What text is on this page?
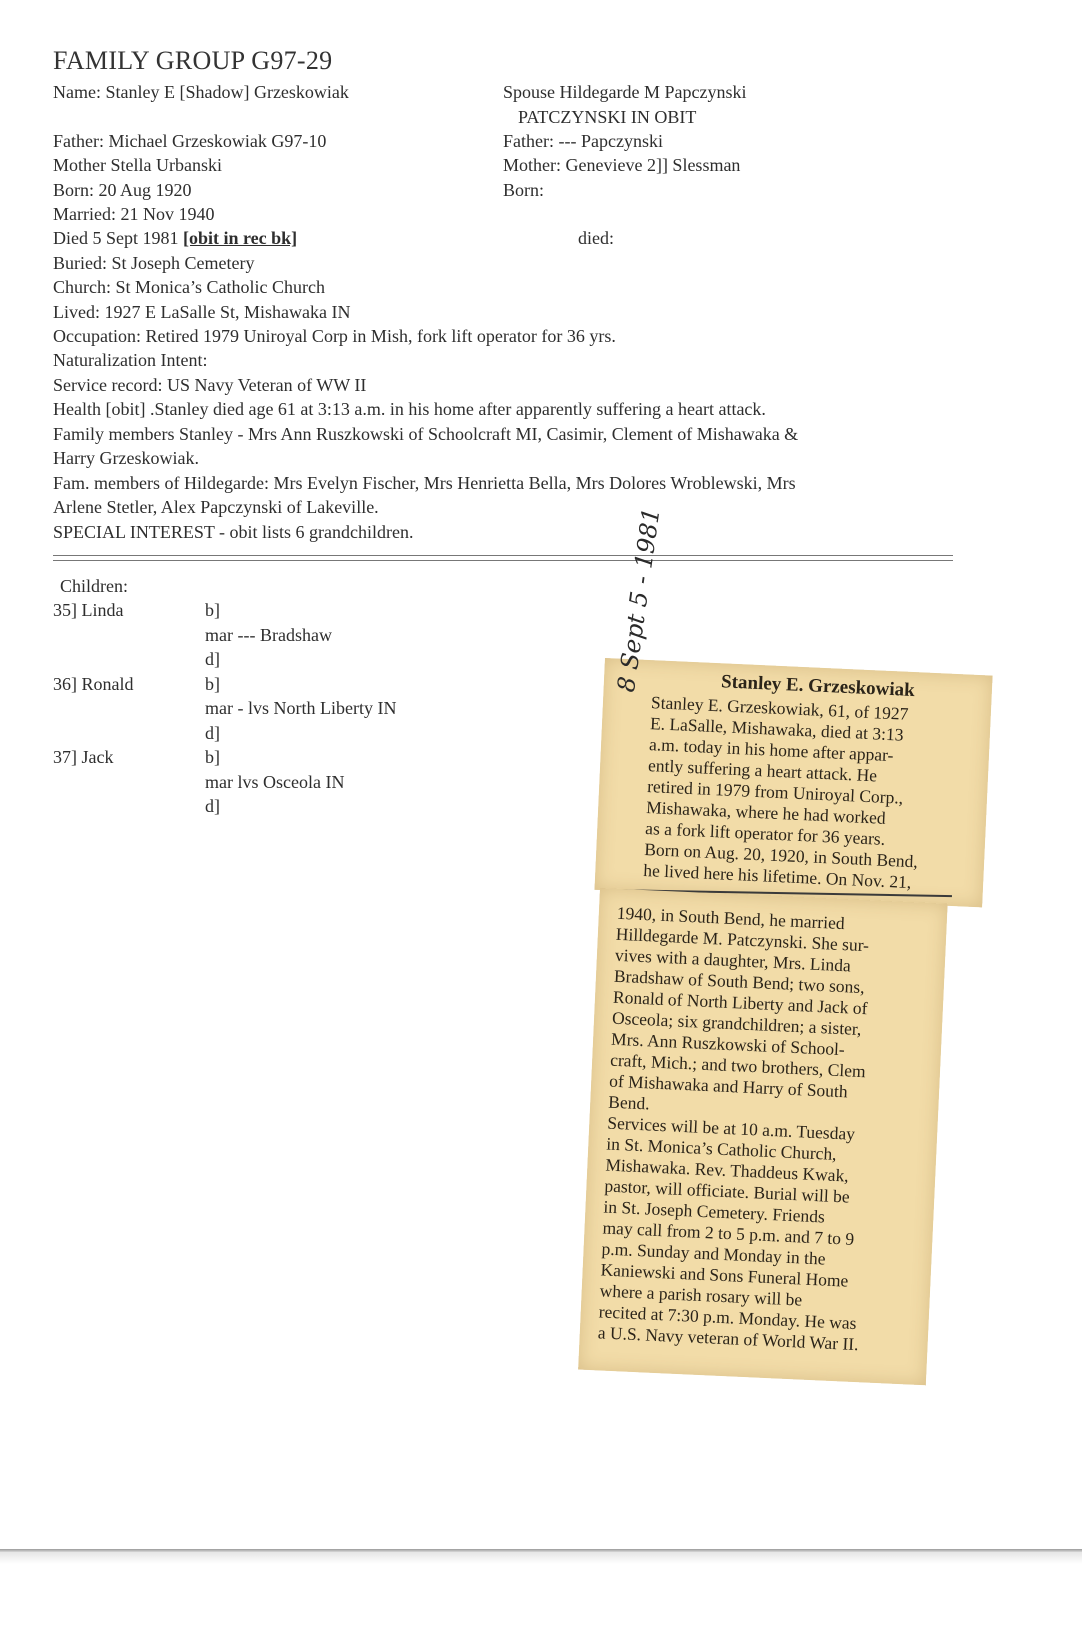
FAMILY GROUP G97-29
Name: Stanley E [Shadow] Grzeskowiak
Father: Michael Grzeskowiak G97-10
Mother Stella Urbanski
Born: 20 Aug 1920
Married: 21 Nov 1940
Died 5 Sept 1981 [obit in rec bk]
Buried: St Joseph Cemetery
Church: St Monica’s Catholic Church
Lived: 1927 E LaSalle St, Mishawaka IN
Occupation: Retired 1979 Uniroyal Corp in Mish, fork lift operator for 36 yrs.
Naturalization Intent:
Service record: US Navy Veteran of WW II
Health [obit] .Stanley died age 61 at 3:13 a.m. in his home after apparently suffering a heart attack.
Family members Stanley - Mrs Ann Ruszkowski of Schoolcraft MI, Casimir, Clement of Mishawaka &
Harry Grzeskowiak.
Fam. members of Hildegarde: Mrs Evelyn Fischer, Mrs Henrietta Bella, Mrs Dolores Wroblewski, Mrs
Arlene Stetler, Alex Papczynski of Lakeville.
SPECIAL INTEREST - obit lists 6 grandchildren.
Spouse Hildegarde M Papczynski
PATCZYNSKI IN OBIT
Father: --- Papczynski
Mother: Genevieve 2]] Slessman
Born:
died:
Children:
35] Linda	b]
mar --- Bradshaw
d]
36] Ronald	b]
mar - lvs North Liberty IN
d]
37] Jack	b]
mar lvs Osceola IN
d]
Stanley E. Grzeskowiak
Stanley E. Grzeskowiak, 61, of 1927
E. LaSalle, Mishawaka, died at 3:13
a.m. today in his home after appar-
ently suffering a heart attack. He
retired in 1979 from Uniroyal Corp.,
Mishawaka, where he had worked
as a fork lift operator for 36 years.
Born on Aug. 20, 1920, in South Bend,
he lived here his lifetime. On Nov. 21,
8 Sept 5 - 1981
1940, in South Bend, he married
Hilldegarde M. Patczynski. She sur-
vives with a daughter, Mrs. Linda
Bradshaw of South Bend; two sons,
Ronald of North Liberty and Jack of
Osceola; six grandchildren; a sister,
Mrs. Ann Ruszkowski of School-
craft, Mich.; and two brothers, Clem
of Mishawaka and Harry of South
Bend.
Services will be at 10 a.m. Tuesday
in St. Monica’s Catholic Church,
Mishawaka. Rev. Thaddeus Kwak,
pastor, will officiate. Burial will be
in St. Joseph Cemetery. Friends
may call from 2 to 5 p.m. and 7 to 9
p.m. Sunday and Monday in the
Kaniewski and Sons Funeral Home
where a parish rosary will be
recited at 7:30 p.m. Monday. He was
a U.S. Navy veteran of World War II.
